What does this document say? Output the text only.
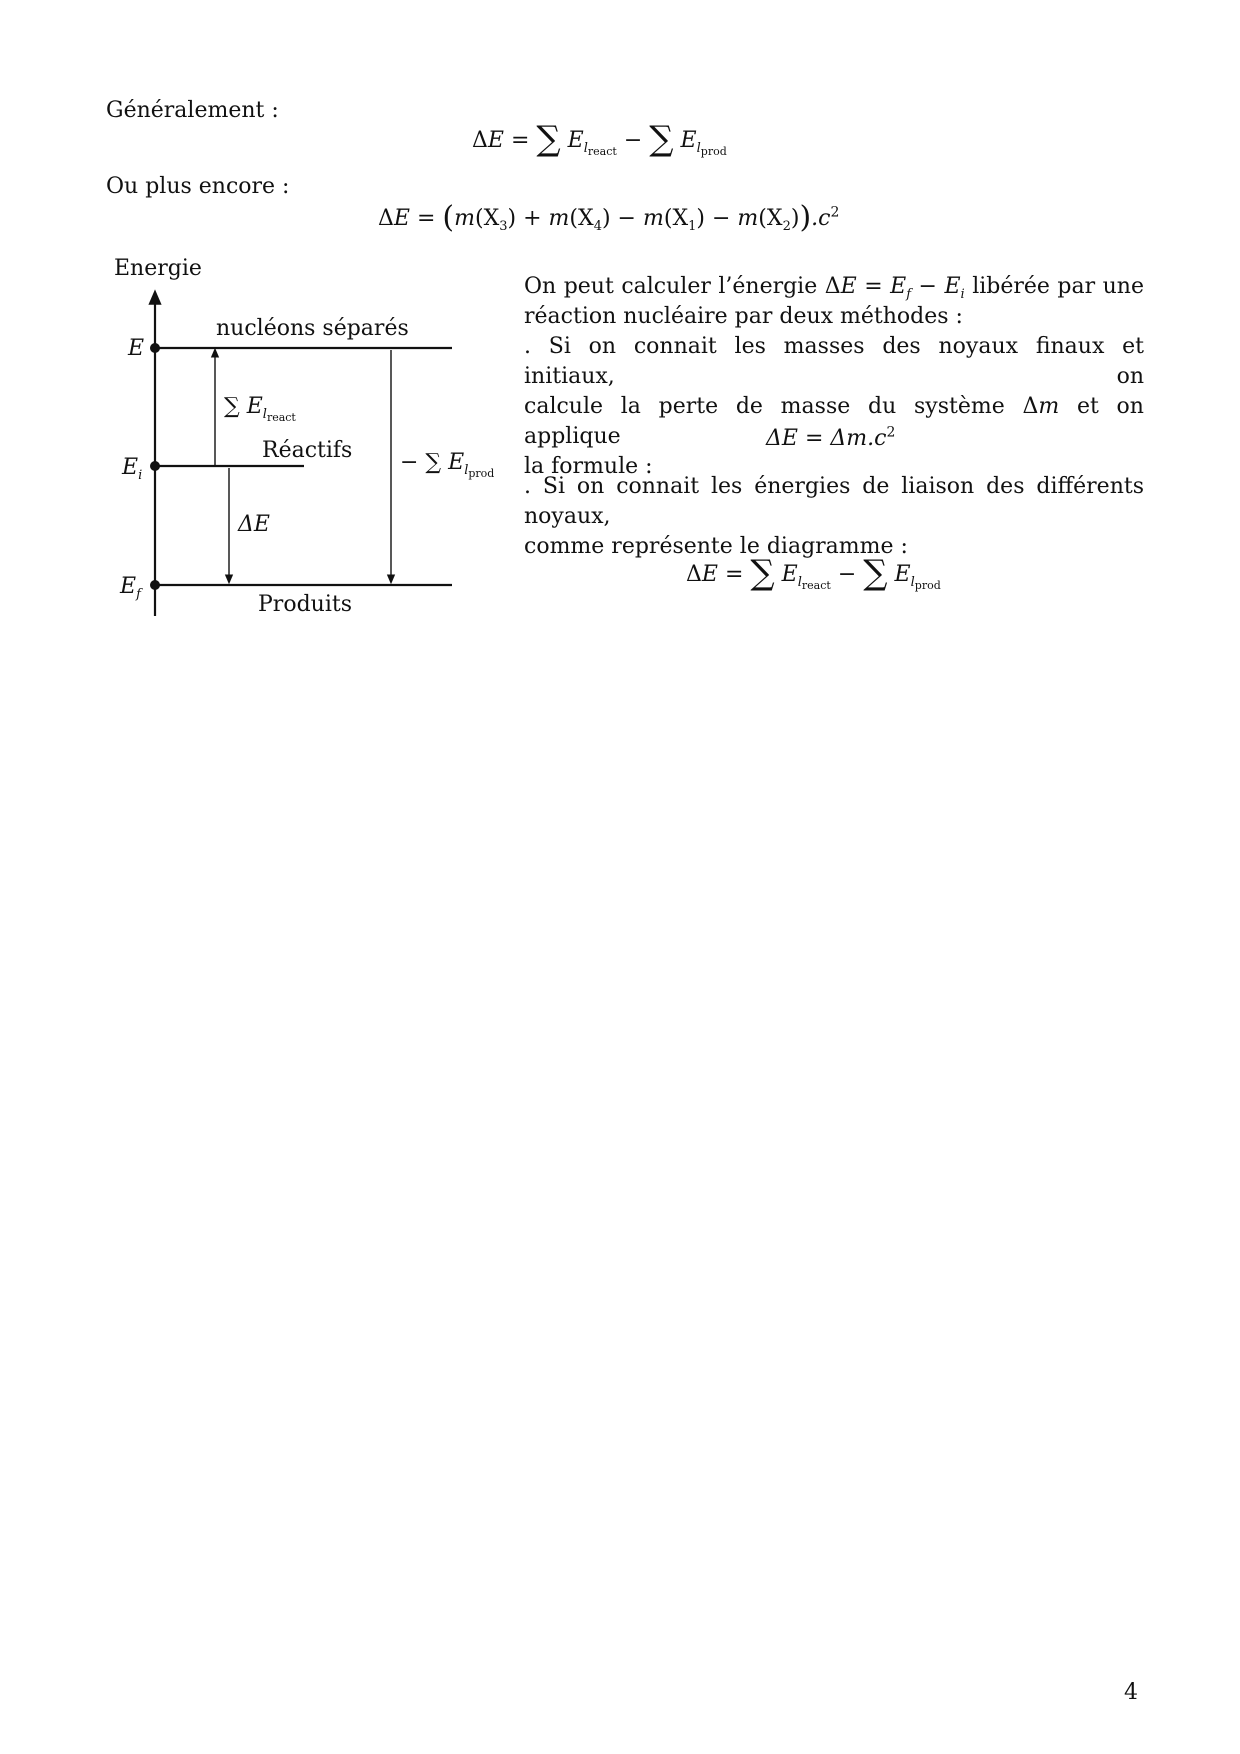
Généralement :
ΔE = ∑ $E_{l_{react}}$ − ∑ $E_{l_{prod}}$
Ou plus encore :
$\Delta E = (m(X_3) + m(X_4) - m(X_1) - m(X_2)).c^2$
Energie
nucléons séparés
Réactifs
Produits
E
$E_i$
$E_f$
∑ $E_{l_{react}}$
ΔE
− ∑ $E_{l_{prod}}$
On peut calculer l’énergie $\Delta E = E_f - E_i$ libérée par une
réaction nucléaire par deux méthodes :
. Si on connait les masses des noyaux finaux et initiaux, on
calcule la perte de masse du système Δm et on applique
la formule :
$\Delta E = \Delta m.c^2$
. Si on connait les énergies de liaison des différents noyaux,
comme représente le diagramme :
ΔE = ∑ $E_{l_{react}}$ − ∑ $E_{l_{prod}}$
4
